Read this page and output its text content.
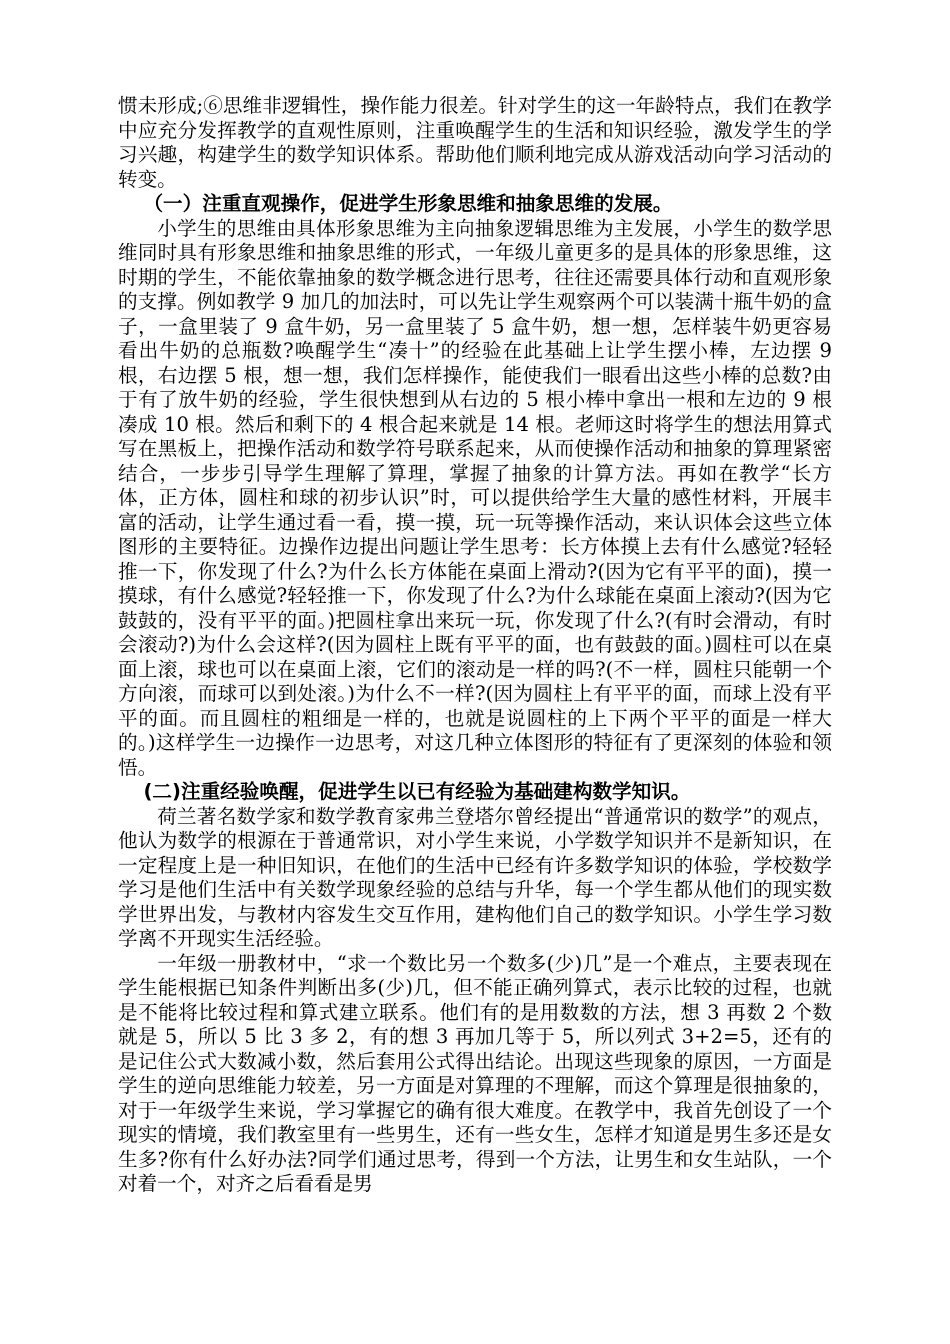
惯未形成;⑥思维非逻辑性，操作能力很差。针对学生的这一年龄特点，我们在教学中应充分发挥教学的直观性原则，注重唤醒学生的生活和知识经验，激发学生的学习兴趣，构建学生的数学知识体系。帮助他们顺利地完成从游戏活动向学习活动的转变。

（一）注重直观操作，促进学生形象思维和抽象思维的发展。

小学生的思维由具体形象思维为主向抽象逻辑思维为主发展，小学生的数学思维同时具有形象思维和抽象思维的形式，一年级儿童更多的是具体的形象思维，这时期的学生，不能依靠抽象的数学概念进行思考，往往还需要具体行动和直观形象的支撑。例如教学 9 加几的加法时，可以先让学生观察两个可以装满十瓶牛奶的盒子，一盒里装了 9 盒牛奶，另一盒里装了 5 盒牛奶，想一想，怎样装牛奶更容易看出牛奶的总瓶数?唤醒学生“凑十”的经验在此基础上让学生摆小棒，左边摆 9 根，右边摆 5 根，想一想，我们怎样操作，能使我们一眼看出这些小棒的总数?由于有了放牛奶的经验，学生很快想到从右边的 5 根小棒中拿出一根和左边的 9 根凑成 10 根。然后和剩下的 4 根合起来就是 14 根。老师这时将学生的想法用算式写在黑板上，把操作活动和数学符号联系起来，从而使操作活动和抽象的算理紧密结合，一步步引导学生理解了算理，掌握了抽象的计算方法。再如在教学“长方体，正方体，圆柱和球的初步认识”时，可以提供给学生大量的感性材料，开展丰富的活动，让学生通过看一看，摸一摸，玩一玩等操作活动，来认识体会这些立体图形的主要特征。边操作边提出问题让学生思考：长方体摸上去有什么感觉?轻轻推一下，你发现了什么?为什么长方体能在桌面上滑动?(因为它有平平的面)，摸一摸球，有什么感觉?轻轻推一下，你发现了什么?为什么球能在桌面上滚动?(因为它鼓鼓的，没有平平的面。)把圆柱拿出来玩一玩，你发现了什么?(有时会滑动，有时会滚动?)为什么会这样?(因为圆柱上既有平平的面，也有鼓鼓的面。)圆柱可以在桌面上滚，球也可以在桌面上滚，它们的滚动是一样的吗?(不一样，圆柱只能朝一个方向滚，而球可以到处滚。)为什么不一样?(因为圆柱上有平平的面，而球上没有平平的面。而且圆柱的粗细是一样的，也就是说圆柱的上下两个平平的面是一样大的。)这样学生一边操作一边思考，对这几种立体图形的特征有了更深刻的体验和领悟。

(二)注重经验唤醒，促进学生以已有经验为基础建构数学知识。

荷兰著名数学家和数学教育家弗兰登塔尔曾经提出“普通常识的数学”的观点，他认为数学的根源在于普通常识，对小学生来说，小学数学知识并不是新知识，在一定程度上是一种旧知识，在他们的生活中已经有许多数学知识的体验，学校数学学习是他们生活中有关数学现象经验的总结与升华，每一个学生都从他们的现实数学世界出发，与教材内容发生交互作用，建构他们自己的数学知识。小学生学习数学离不开现实生活经验。

一年级一册教材中，“求一个数比另一个数多(少)几”是一个难点，主要表现在学生能根据已知条件判断出多(少)几，但不能正确列算式，表示比较的过程，也就是不能将比较过程和算式建立联系。他们有的是用数数的方法，想 3 再数 2 个数就是 5，所以 5 比 3 多 2，有的想 3 再加几等于 5，所以列式 3+2=5，还有的是记住公式大数减小数，然后套用公式得出结论。出现这些现象的原因，一方面是学生的逆向思维能力较差，另一方面是对算理的不理解，而这个算理是很抽象的，对于一年级学生来说，学习掌握它的确有很大难度。在教学中，我首先创设了一个现实的情境，我们教室里有一些男生，还有一些女生，怎样才知道是男生多还是女生多?你有什么好办法?同学们通过思考，得到一个方法，让男生和女生站队，一个对着一个，对齐之后看看是男
